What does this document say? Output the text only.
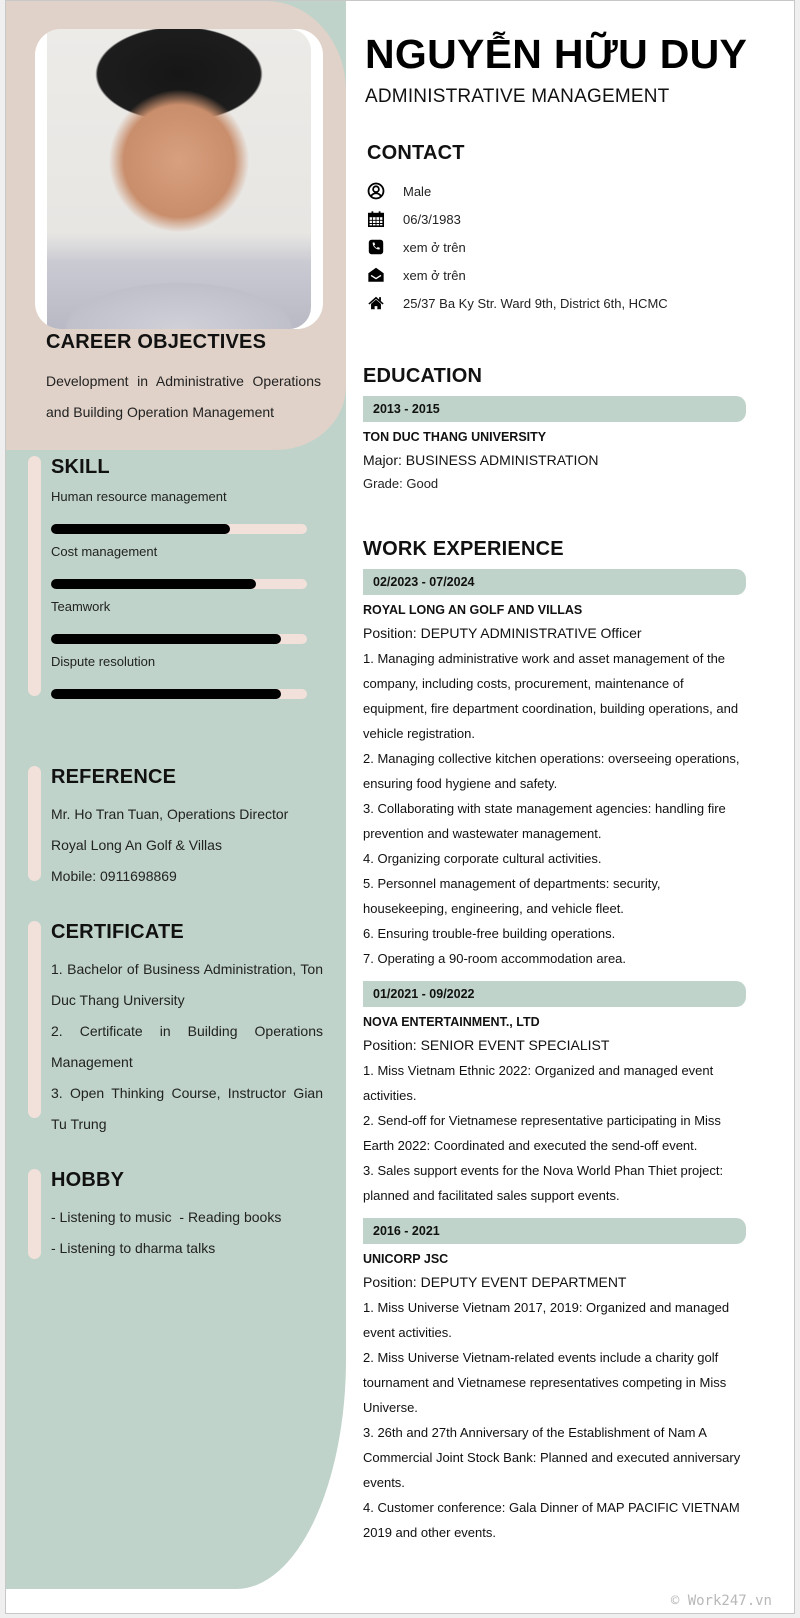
CAREER OBJECTIVES

Development in Administrative Operations and Building Operation Management

SKILL
Human resource management
Cost management
Teamwork
Dispute resolution
REFERENCE

Mr. Ho Tran Tuan, Operations Director

Royal Long An Golf & Villas

Mobile: 0911698869

CERTIFICATE

1. Bachelor of Business Administration, Ton Duc Thang University

2. Certificate in Building Operations Management

3. Open Thinking Course, Instructor Gian Tu Trung

HOBBY

- Listening to music  - Reading books

- Listening to dharma talks

NGUYỄN HỮU DUY
ADMINISTRATIVE MANAGEMENT
CONTACT
Male
06/3/1983
xem ở trên
xem ở trên
25/37 Ba Ky Str. Ward 9th, District 6th, HCMC
EDUCATION
2013 - 2015
TON DUC THANG UNIVERSITY
Major: BUSINESS ADMINISTRATION
Grade: Good
WORK EXPERIENCE
02/2023 - 07/2024
ROYAL LONG AN GOLF AND VILLAS
Position: DEPUTY ADMINISTRATIVE Officer
1. Managing administrative work and asset management of the company, including costs, procurement, maintenance of equipment, fire department coordination, building operations, and vehicle registration.
2. Managing collective kitchen operations: overseeing operations, ensuring food hygiene and safety.
3. Collaborating with state management agencies: handling fire prevention and wastewater management.
4. Organizing corporate cultural activities.
5. Personnel management of departments: security, housekeeping, engineering, and vehicle fleet.
6. Ensuring trouble-free building operations.
7. Operating a 90-room accommodation area.
01/2021 - 09/2022
NOVA ENTERTAINMENT., LTD
Position: SENIOR EVENT SPECIALIST
1. Miss Vietnam Ethnic 2022: Organized and managed event activities.
2. Send-off for Vietnamese representative participating in Miss Earth 2022: Coordinated and executed the send-off event.
3. Sales support events for the Nova World Phan Thiet project: planned and facilitated sales support events.
2016 - 2021
UNICORP JSC
Position: DEPUTY EVENT DEPARTMENT
1. Miss Universe Vietnam 2017, 2019: Organized and managed event activities.
2. Miss Universe Vietnam-related events include a charity golf tournament and Vietnamese representatives competing in Miss Universe.
3. 26th and 27th Anniversary of the Establishment of Nam A Commercial Joint Stock Bank: Planned and executed anniversary events.
4. Customer conference: Gala Dinner of MAP PACIFIC VIETNAM 2019 and other events.
© Work247.vn
